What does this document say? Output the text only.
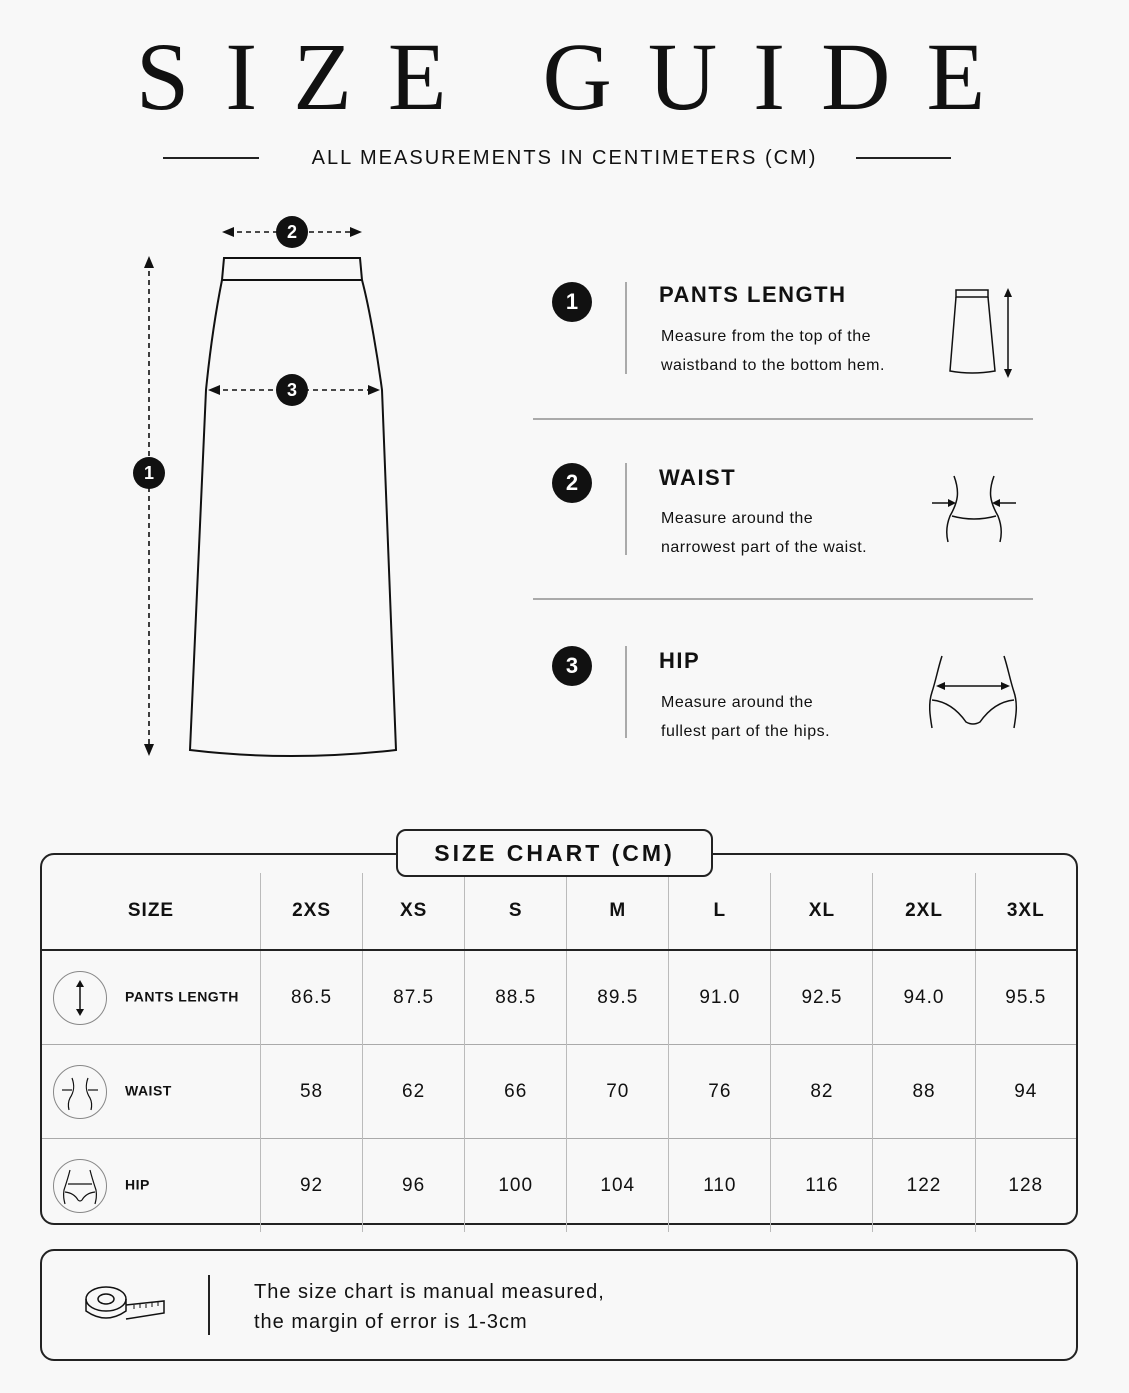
SIZE GUIDE
ALL MEASUREMENTS IN CENTIMETERS (CM)
2
3
1
1	PANTS LENGTH
Measure from the top of the
waistband to the bottom hem.
2	WAIST
Measure around the
narrowest part of the waist.
3	HIP
Measure around the
fullest part of the hips.
SIZE	2XS	XS	S	M	L	XL	2XL	3XL
PANTS LENGTH	86.5	87.5	88.5	89.5	91.0	92.5	94.0	95.5
WAIST	58	62	66	70	76	82	88	94
HIP	92	96	100	104	110	116	122	128
SIZE CHART (CM)
The size chart is manual measured,
the margin of error is 1-3cm
